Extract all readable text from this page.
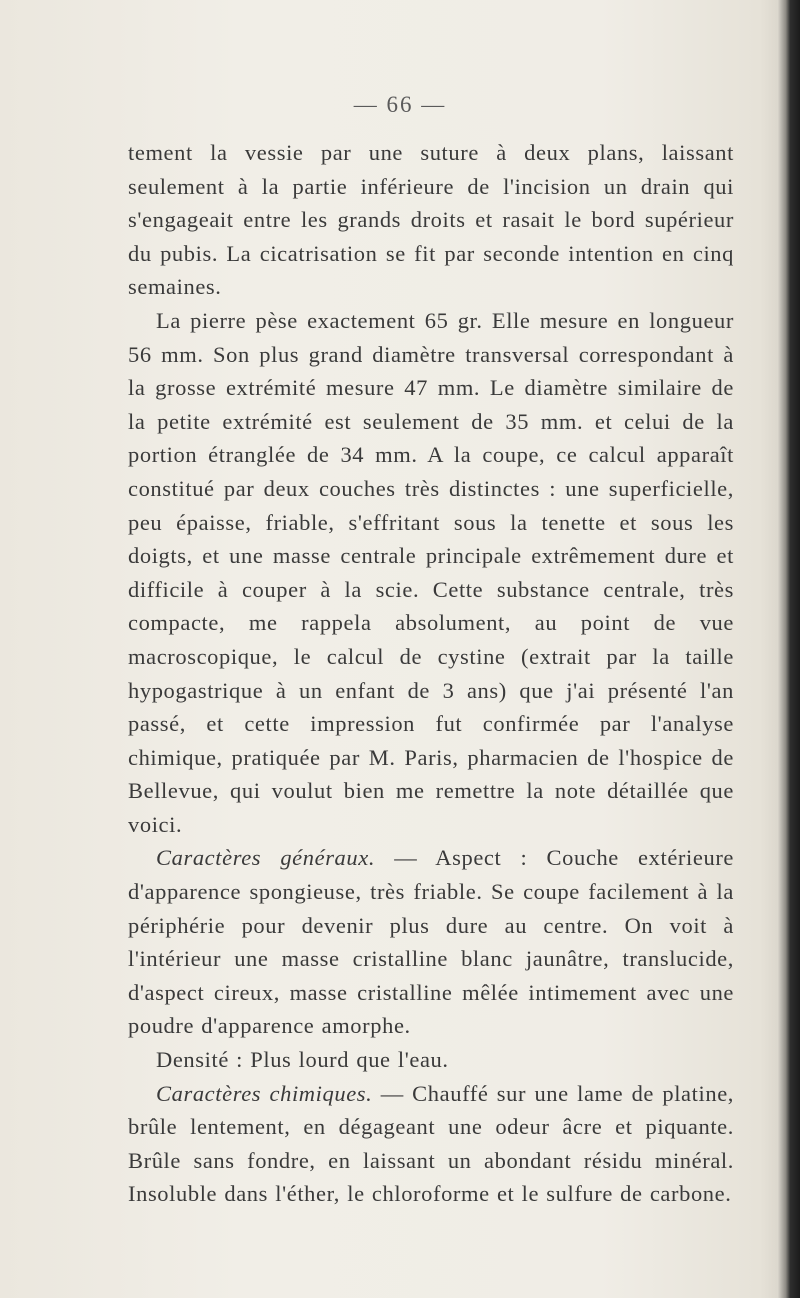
— 66 —

tement la vessie par une suture à deux plans, laissant seulement à la partie inférieure de l'incision un drain qui s'engageait entre les grands droits et rasait le bord supérieur du pubis. La cicatrisation se fit par seconde intention en cinq semaines.

La pierre pèse exactement 65 gr. Elle mesure en longueur 56 mm. Son plus grand diamètre transversal correspondant à la grosse extrémité mesure 47 mm. Le diamètre similaire de la petite extrémité est seulement de 35 mm. et celui de la portion étranglée de 34 mm. A la coupe, ce calcul apparaît constitué par deux couches très distinctes : une superficielle, peu épaisse, friable, s'effritant sous la tenette et sous les doigts, et une masse centrale principale extrêmement dure et difficile à couper à la scie. Cette substance centrale, très compacte, me rappela absolument, au point de vue macroscopique, le calcul de cystine (extrait par la taille hypogastrique à un enfant de 3 ans) que j'ai présenté l'an passé, et cette impression fut confirmée par l'analyse chimique, pratiquée par M. Paris, pharmacien de l'hospice de Bellevue, qui voulut bien me remettre la note détaillée que voici.

Caractères généraux. — Aspect : Couche extérieure d'apparence spongieuse, très friable. Se coupe facilement à la périphérie pour devenir plus dure au centre. On voit à l'intérieur une masse cristalline blanc jaunâtre, translucide, d'aspect cireux, masse cristalline mêlée intimement avec une poudre d'apparence amorphe.

Densité : Plus lourd que l'eau.

Caractères chimiques. — Chauffé sur une lame de platine, brûle lentement, en dégageant une odeur âcre et piquante. Brûle sans fondre, en laissant un abondant résidu minéral. Insoluble dans l'éther, le chloroforme et le sulfure de carbone.
